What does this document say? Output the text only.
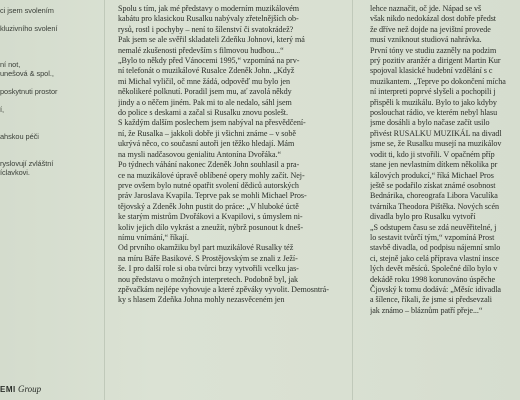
ci jsem svolením

kluzivního svolení

ní not,

uneŝová & spol.,

poskytnuti prostor

í,

ahskou péči

ryslovují zvláštní

íclavkovi.

Spolu s tím, jak mé představy o moderním muzikálovém

kabátu pro klasickou Rusalku nabývaly zřetelnějších ob-

rysů, rostl i pochyby – není to šílenství či svatokrádež?

Pak jsem se ale svěřil skladateli Zdeňku Johnovi, který má

nemalé zkušenosti především s filmovou hudbou...“

„Bylo to někdy před Vánocemi 1995,“ vzpomíná na prv-

ní telefonát o muzikálové Rusalce Zdeněk John. „Když

mi Michal vyličil, oč mne žádá, odpověď mu bylo jen

několikeré polknutí. Poradil jsem mu, ať zavolá někdy

jindy a o něčem jiném. Pak mi to ale nedalo, sáhl jsem

do police s deskami a začal si Rusalku znovu poslešt.

S každým dalším poslechem jsem nabýval na přesvědčení-

ní, že Rusalka – jakkoli dobře ji všichni známe – v sobě

ukrývá něco, co současní autoři jen těžko hledají. Mám

na mysli nadčasovou genialitu Antonína Dvořáka.“

Po týdnech váhání nakonec Zdeněk John souhlasil a pra-

ce na muzikálové úpravě oblíbené opery mohly začít. Nej-

prve ovšem bylo nutné opatřit svolení dědiců autorských

práv Jaroslava Kvapila. Teprve pak se mohli Michael Pros-

tějovský a Zdeněk John pustit do práce: „V hluboké úctě

ke starým mistrům Dvořákovi a Kvapilovi, s úmyslem ni-

koliv jejich dílo vykrást a zneužít, nýbrž posunout k dneš-

nímu vnímání,“ říkají.

Od prvního okamžiku byl part muzikálové Rusalky též

na míru Báře Basikové. S Prostějovským se znali z Ježí-

še. I pro další role si oba tvůrci brzy vytvořili vcelku jas-

nou představu o možných interpretech. Podobně byl, jak

zpěvačkám nejlépe vyhovuje a které zpěváky vyvolit. Demosntrá-

ky s hlasem Zdeňka Johna mohly nezasvěceném jen

lehce naznačit, oč jde. Nápad se vš

však nikdo nedokázal dost dobře předst

že dříve než dojde na jevištní provede

musí vzniknout studiová nahrávka.

První tóny ve studiu zazněly na podzim

prý pozitiv aranžér a dirigent Martin Kur

spojoval klasické hudební vzdělání s c

muzikantem. „Teprve po dokončení mícha

ní interpreti poprvé slyšeli a pochopili j

přispěli k muzikálu. Bylo to jako kdyby

poslouchat rádio, ve kterém nebyl hlasu

jsme dosáhli a bylo načase začít usilo

přivést RUSALKU MUZIKÁL na divadl

jsme se, že Rusalku musejí na muzikálov

vodit ti, kdo ji stvořili. V opačném příp

stane jen nevlastním dítkem několika pr

kálových produkcí,“ říká Michael Pros

ještě se podařilo získat známé osobnost

Bednárika, choreografa Libora Vaculíka

tvárníka Theodora Pištěka. Nových scén

divadla bylo pro Rusalku vytvoří

„S odstupem času se zdá neuvěřitelné, j

lo sestavit tvůrčí tým,“ vzpomíná Prost

stavbě divadla, od podpisu nájemní smlo

ci, stejně jako celá příprava vlastní insce

lých devět měsíců. Společné dílo bylo v

dekádě roku 1998 korunováno úspěche

Čjovský k tomu dodává: „Měsíc idivadla

a šílence, říkali, že jsme si předsevzali

jak známo – bláznům patří přeje...“

EMI Group
